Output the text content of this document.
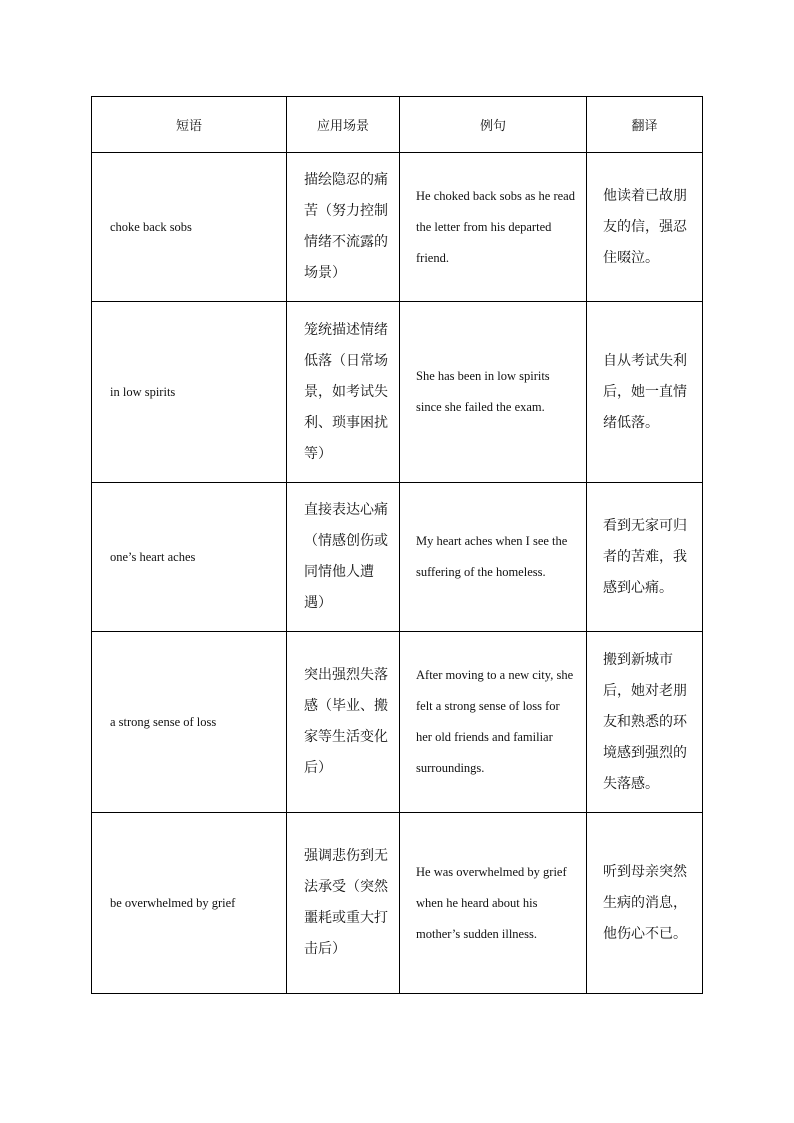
短语	应用场景	例句	翻译
choke back sobs	描绘隐忍的痛苦（努力控制情绪不流露的场景）	He choked back sobs as he read the letter from his departed friend.	他读着已故朋友的信，强忍住啜泣。
in low spirits	笼统描述情绪低落（日常场景，如考试失利、琐事困扰等）	She has been in low spirits since she failed the exam.	自从考试失利后，她一直情绪低落。
one’s heart aches	直接表达心痛（情感创伤或同情他人遭遇）	My heart aches when I see the suffering of the homeless.	看到无家可归者的苦难，我感到心痛。
a strong sense of loss	突出强烈失落感（毕业、搬家等生活变化后）	After moving to a new city, she felt a strong sense of loss for her old friends and familiar surroundings.	搬到新城市后，她对老朋友和熟悉的环境感到强烈的失落感。
be overwhelmed by grief	强调悲伤到无法承受（突然噩耗或重大打击后）	He was overwhelmed by grief when he heard about his mother’s sudden illness.	听到母亲突然生病的消息，他伤心不已。
